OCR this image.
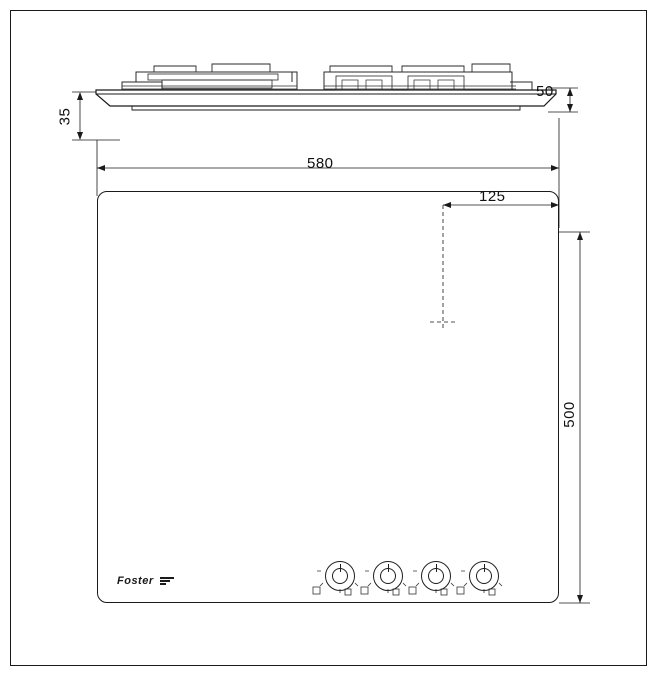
Foster
35
50
580
125
500
